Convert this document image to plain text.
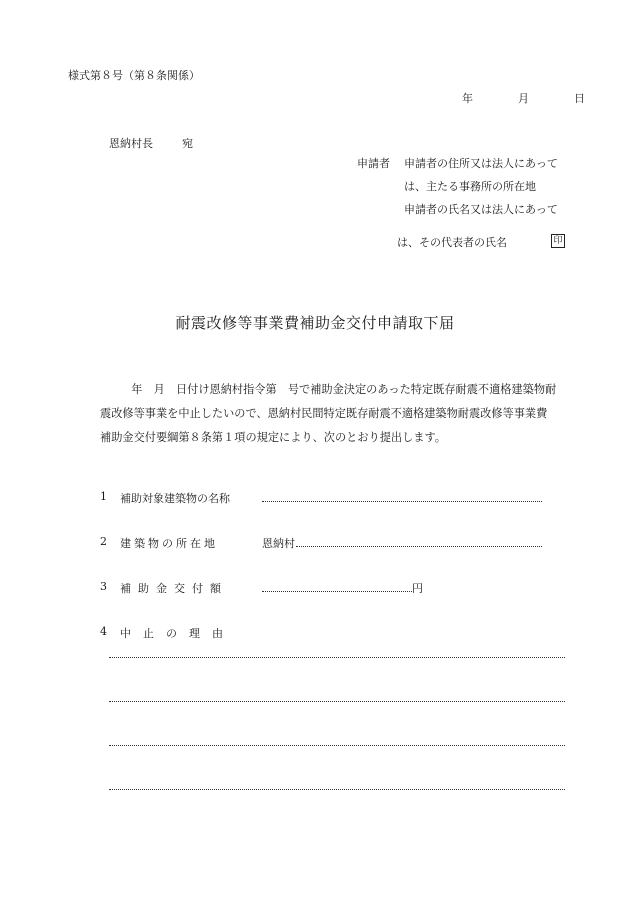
様式第８号（第８条関係）
年	月	日
恩納村長	宛
申請者 申請者の住所又は法人にあって
は、主たる事務所の所在地
申請者の氏名又は法人にあって
は、その代表者の氏名	印
耐震改修等事業費補助金交付申請取下届
　年　月　日付け恩納村指令第　号で補助金決定のあった特定既存耐震不適格建築物耐
震改修等事業を中止したいので、恩納村民間特定既存耐震不適格建築物耐震改修等事業費
補助金交付要綱第８条第１項の規定により、次のとおり提出します。
1 補助対象建築物の名称
2 建築物の所在地	恩納村
3 補助金交付額	円
4 中止の理由
